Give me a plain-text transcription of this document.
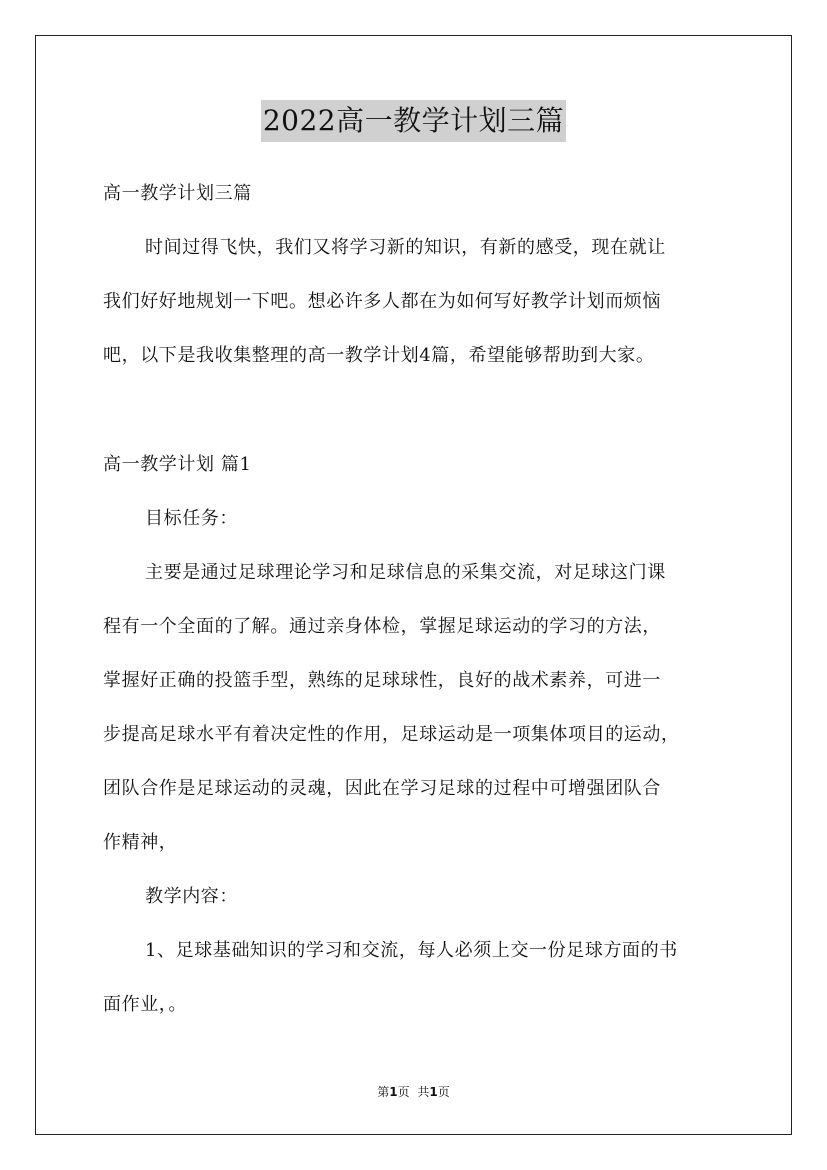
2022高一教学计划三篇
高一教学计划三篇
时间过得飞快，我们又将学习新的知识，有新的感受，现在就让
我们好好地规划一下吧。想必许多人都在为如何写好教学计划而烦恼
吧，以下是我收集整理的高一教学计划4篇，希望能够帮助到大家。
高一教学计划 篇1
目标任务：
主要是通过足球理论学习和足球信息的采集交流，对足球这门课
程有一个全面的了解。通过亲身体检，掌握足球运动的学习的方法，
掌握好正确的投篮手型，熟练的足球球性，良好的战术素养，可进一
步提高足球水平有着决定性的作用，足球运动是一项集体项目的运动，
团队合作是足球运动的灵魂，因此在学习足球的过程中可增强团队合
作精神，
教学内容：
1、足球基础知识的学习和交流，每人必须上交一份足球方面的书
面作业，。
第1页 共1页
